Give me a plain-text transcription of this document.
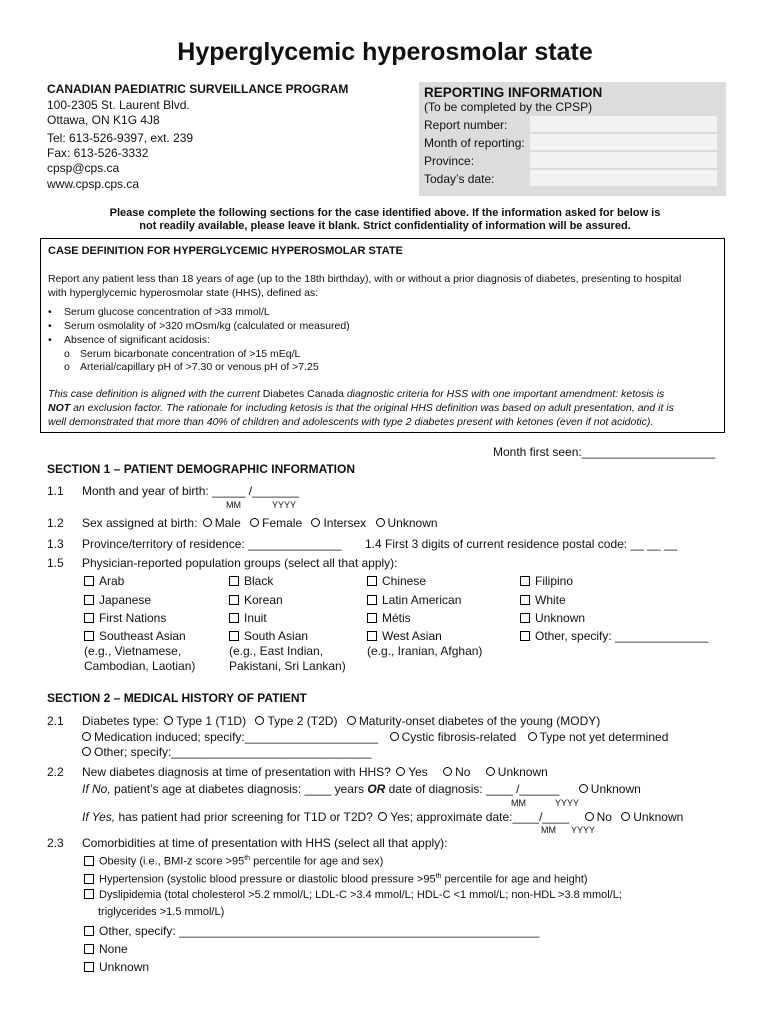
Hyperglycemic hyperosmolar state
CANADIAN PAEDIATRIC SURVEILLANCE PROGRAM
100-2305 St. Laurent Blvd.
Ottawa, ON K1G 4J8
Tel: 613-526-9397, ext. 239
Fax: 613-526-3332
cpsp@cps.ca
www.cpsp.cps.ca
REPORTING INFORMATION
(To be completed by the CPSP)
Report number:
Month of reporting:
Province:
Today’s date:
Please complete the following sections for the case identified above. If the information asked for below is
not readily available, please leave it blank. Strict confidentiality of information will be assured.
CASE DEFINITION FOR HYPERGLYCEMIC HYPEROSMOLAR STATE
Report any patient less than 18 years of age (up to the 18th birthday), with or without a prior diagnosis of diabetes, presenting to hospital
with hyperglycemic hyperosmolar state (HHS), defined as:
• Serum glucose concentration of >33 mmol/L
• Serum osmolality of >320 mOsm/kg (calculated or measured)
• Absence of significant acidosis:
o Serum bicarbonate concentration of >15 mEq/L
o Arterial/capillary pH of >7.30 or venous pH of >7.25
This case definition is aligned with the current Diabetes Canada diagnostic criteria for HSS with one important amendment: ketosis is
NOT an exclusion factor. The rationale for including ketosis is that the original HHS definition was based on adult presentation, and it is
well demonstrated that more than 40% of children and adolescents with type 2 diabetes present with ketones (even if not acidotic).
Month first seen:____________________
SECTION 1 – PATIENT DEMOGRAPHIC INFORMATION
1.1 Month and year of birth: _____ /_______
MM	YYYY
1.2 Sex assigned at birth: Male Female Intersex Unknown
1.3 Province/territory of residence: ______________ 1.4 First 3 digits of current residence postal code: __ __ __
1.5 Physician-reported population groups (select all that apply):
Arab	Black	Chinese	Filipino
Japanese	Korean	Latin American	White
First Nations	Inuit	Métis	Unknown
Southeast Asian	South Asian	West Asian	Other, specify: ______________
(e.g., Vietnamese,
Cambodian, Laotian)
(e.g., East Indian,
Pakistani, Sri Lankan)
(e.g., Iranian, Afghan)
SECTION 2 – MEDICAL HISTORY OF PATIENT
2.1 Diabetes type: Type 1 (T1D) Type 2 (T2D) Maturity-onset diabetes of the young (MODY)
Medication induced; specify:____________________ Cystic fibrosis-related Type not yet determined
Other; specify:______________________________
2.2 New diabetes diagnosis at time of presentation with HHS? Yes No Unknown
If No, patient’s age at diabetes diagnosis: ____ years OR date of diagnosis: ____ /______	Unknown
MM	YYYY
If Yes, has patient had prior screening for T1D or T2D? Yes; approximate date:____/____ No Unknown
MM YYYY
2.3 Comorbidities at time of presentation with HHS (select all that apply):
Obesity (i.e., BMI-z score >95th percentile for age and sex)
Hypertension (systolic blood pressure or diastolic blood pressure >95th percentile for age and height)
Dyslipidemia (total cholesterol >5.2 mmol/L; LDL-C >3.4 mmol/L; HDL-C <1 mmol/L; non-HDL >3.8 mmol/L;
triglycerides >1.5 mmol/L)
Other, specify: ______________________________________________________
None
Unknown
